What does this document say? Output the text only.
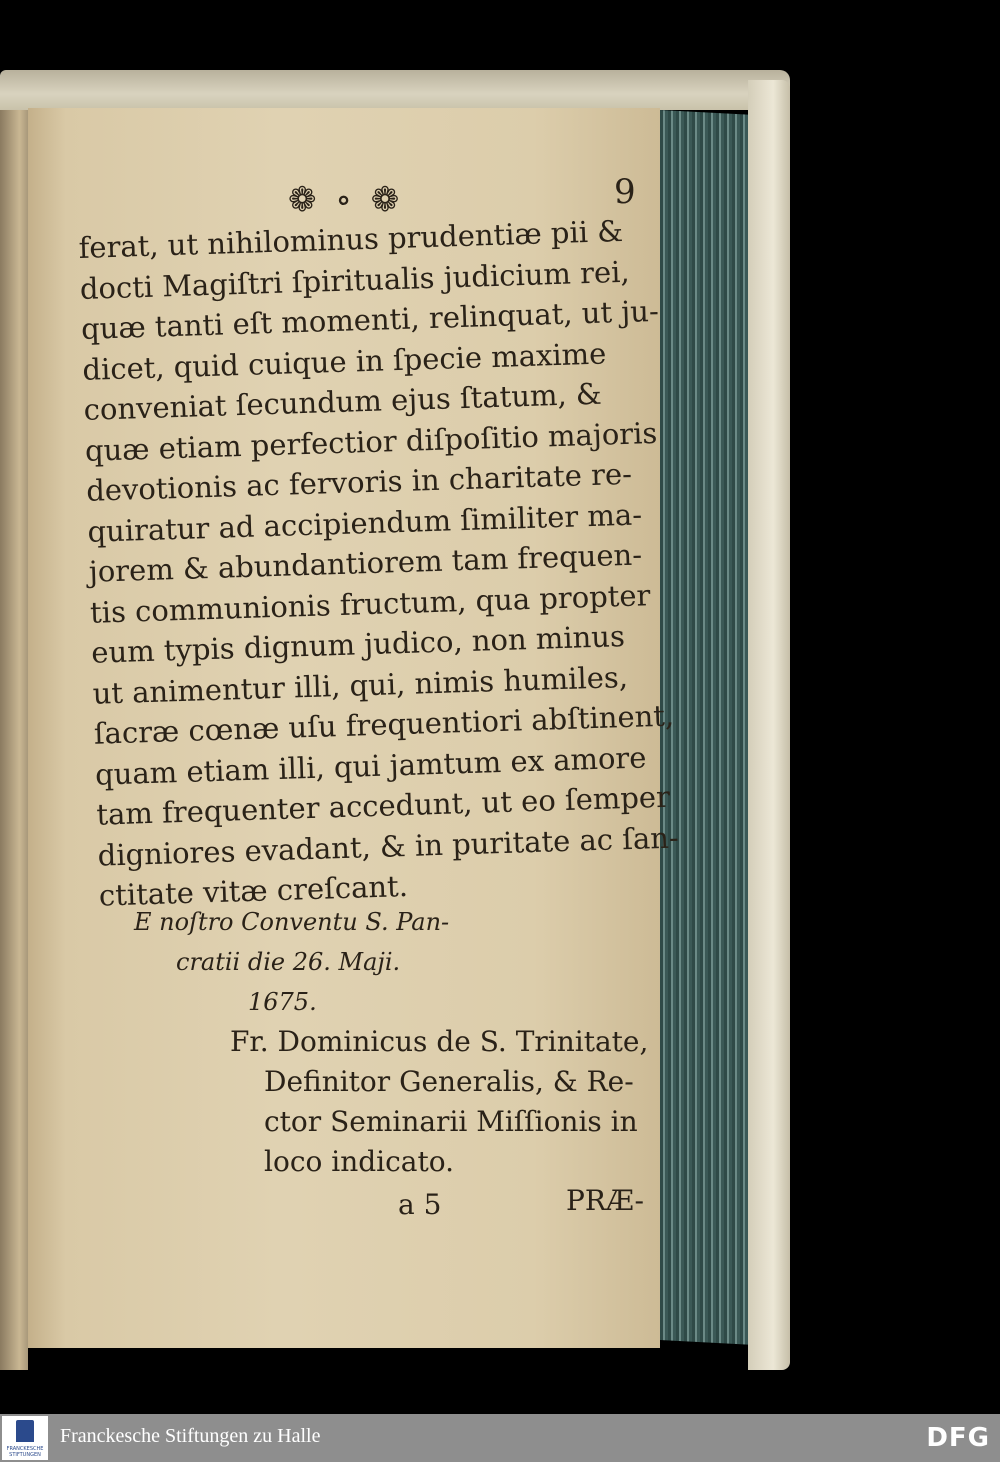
❁ ∘ ❁	9
ferat, ut nihilominus prudentiæ pii &
docti Magiſtri ſpiritualis judicium rei,
quæ tanti eſt momenti, relinquat, ut ju-
dicet, quid cuique in ſpecie maxime
conveniat ſecundum ejus ſtatum, &
quæ etiam perfectior diſpoſitio majoris
devotionis ac fervoris in charitate re-
quiratur ad accipiendum ſimiliter ma-
jorem & abundantiorem tam frequen-
tis communionis fructum, qua propter
eum typis dignum judico, non minus
ut animentur illi, qui, nimis humiles,
ſacræ cœnæ uſu frequentiori abſtinent,
quam etiam illi, qui jamtum ex amore
tam frequenter accedunt, ut eo ſemper
digniores evadant, & in puritate ac ſan-
ctitate vitæ creſcant.
E noſtro Conventu S. Pan-
cratii die 26. Maji.
1675.
Fr. Dominicus de S. Trinitate,
Definitor Generalis, & Re-
ctor Seminarii Miſſionis in
loco indicato.
a 5	PRÆ-
FRANCKESCHE STIFTUNGEN
Franckesche Stiftungen zu Halle	DFG
